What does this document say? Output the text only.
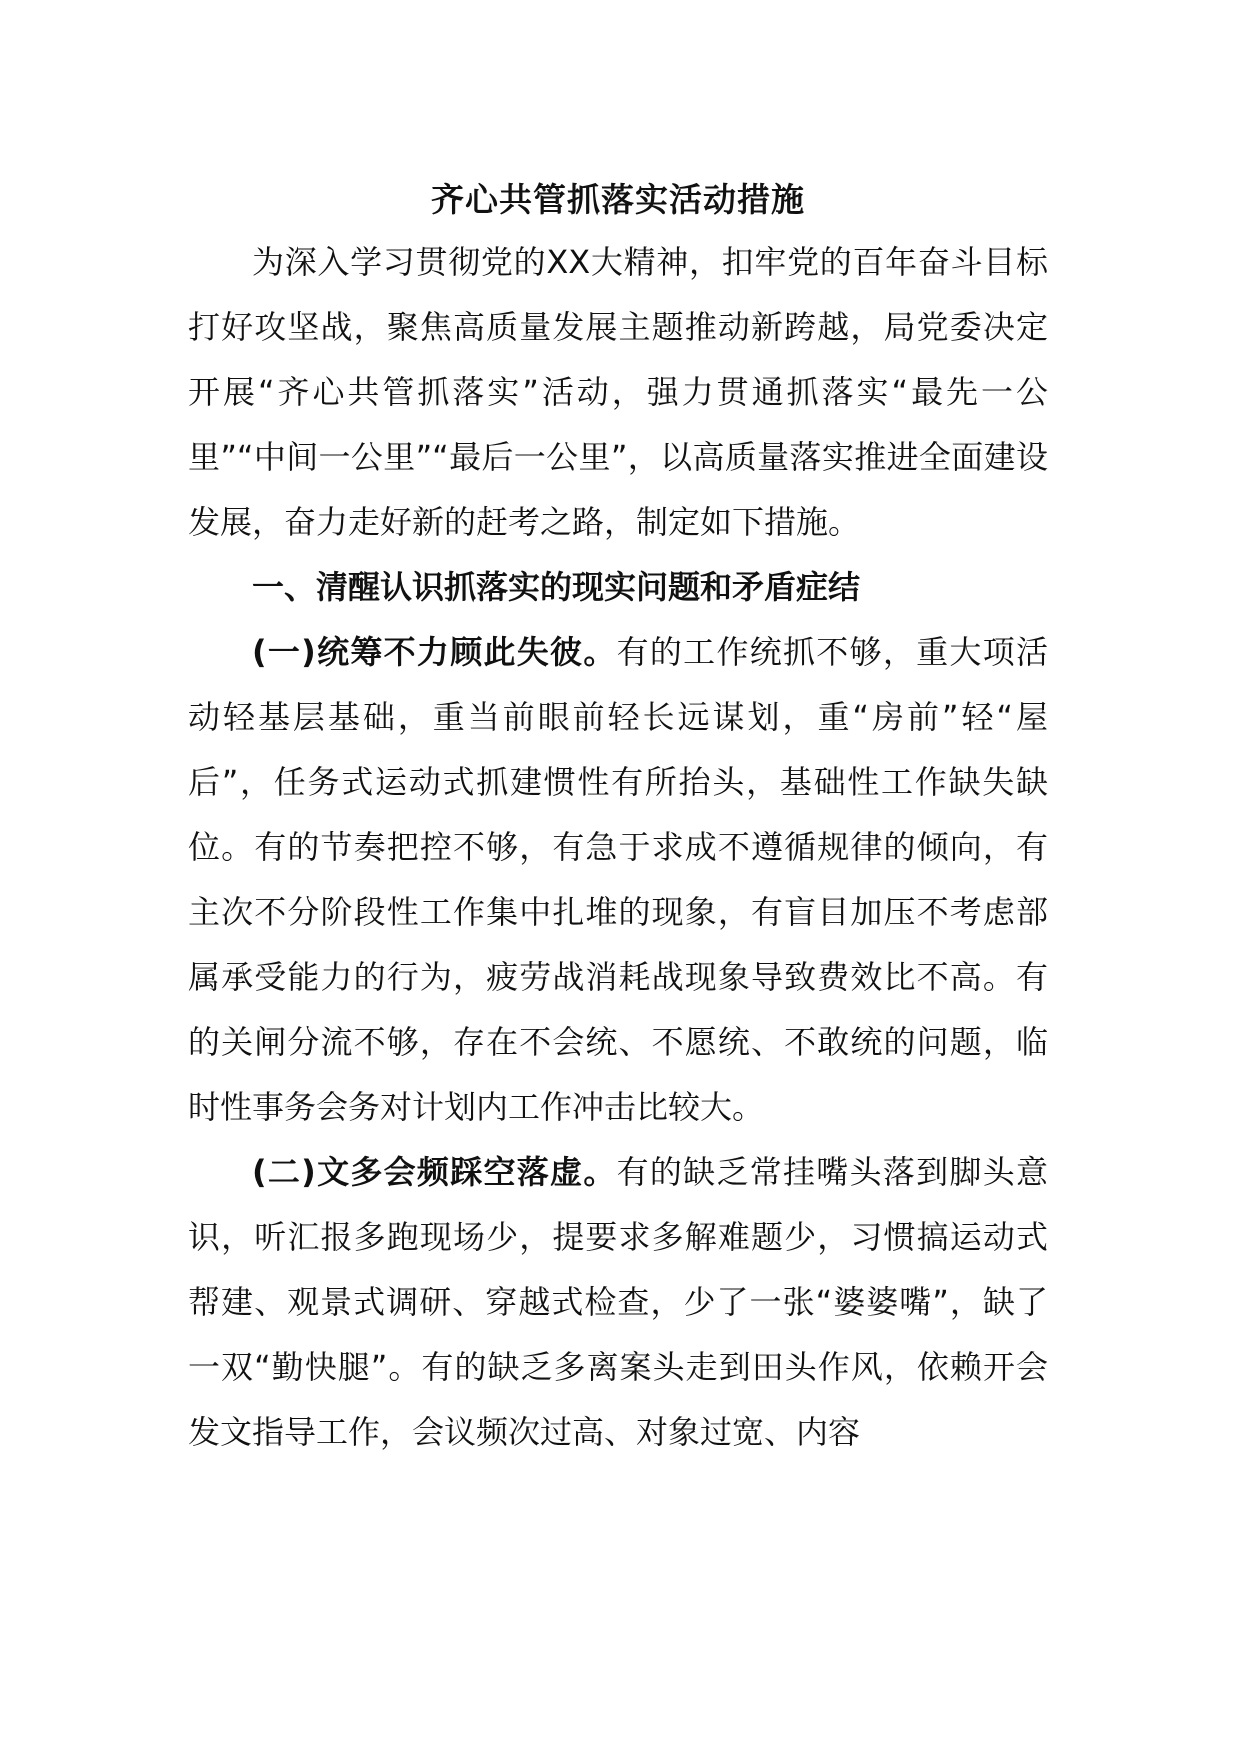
齐心共管抓落实活动措施

为深入学习贯彻党的XX大精神，扣牢党的百年奋斗目标打好攻坚战，聚焦高质量发展主题推动新跨越，局党委决定开展“齐心共管抓落实”活动，强力贯通抓落实“最先一公里”“中间一公里”“最后一公里”，以高质量落实推进全面建设发展，奋力走好新的赶考之路，制定如下措施。

一、清醒认识抓落实的现实问题和矛盾症结

(一)统筹不力顾此失彼。有的工作统抓不够，重大项活动轻基层基础，重当前眼前轻长远谋划，重“房前”轻“屋后”，任务式运动式抓建惯性有所抬头，基础性工作缺失缺位。有的节奏把控不够，有急于求成不遵循规律的倾向，有主次不分阶段性工作集中扎堆的现象，有盲目加压不考虑部属承受能力的行为，疲劳战消耗战现象导致费效比不高。有的关闸分流不够，存在不会统、不愿统、不敢统的问题，临时性事务会务对计划内工作冲击比较大。

(二)文多会频踩空落虚。有的缺乏常挂嘴头落到脚头意识，听汇报多跑现场少，提要求多解难题少，习惯搞运动式帮建、观景式调研、穿越式检查，少了一张“婆婆嘴”，缺了一双“勤快腿”。有的缺乏多离案头走到田头作风，依赖开会发文指导工作，会议频次过高、对象过宽、内容
